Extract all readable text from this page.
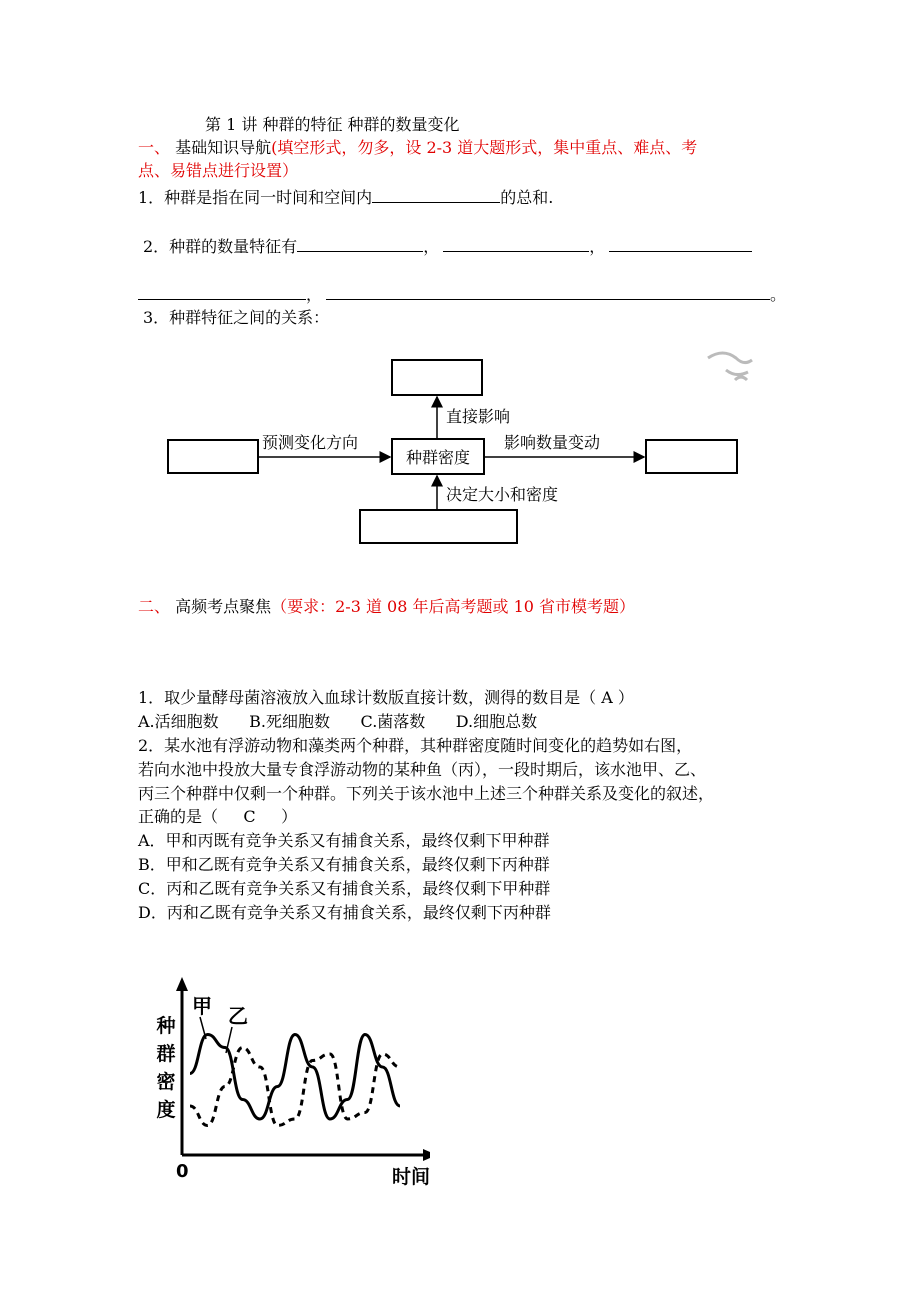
第 1 讲 种群的特征 种群的数量变化
一、 基础知识导航(填空形式，勿多，设 2-3 道大题形式，集中重点、难点、考
点、易错点进行设置）
1．种群是指在同一时间和空间内	的总和.
2．种群的数量特征有	，	，
，	。
3．种群特征之间的关系：
种群密度
预测变化方向	影响数量变动
直接影响
决定大小和密度
二、 高频考点聚焦（要求：2-3 道 08 年后高考题或 10 省市模考题）
1．取少量酵母菌溶液放入血球计数版直接计数，测得的数目是（ A ）
A.活细胞数      B.死细胞数      C.菌落数      D.细胞总数
2．某水池有浮游动物和藻类两个种群，其种群密度随时间变化的趋势如右图，
若向水池中投放大量专食浮游动物的某种鱼（丙），一段时期后，该水池甲、乙、
丙三个种群中仅剩一个种群。下列关于该水池中上述三个种群关系及变化的叙述，
正确的是（     C     ）
A．甲和丙既有竞争关系又有捕食关系，最终仅剩下甲种群
B．甲和乙既有竞争关系又有捕食关系，最终仅剩下丙种群
C．丙和乙既有竞争关系又有捕食关系，最终仅剩下甲种群
D．丙和乙既有竞争关系又有捕食关系，最终仅剩下丙种群
种
群
密
度
时间
0
甲 乙
